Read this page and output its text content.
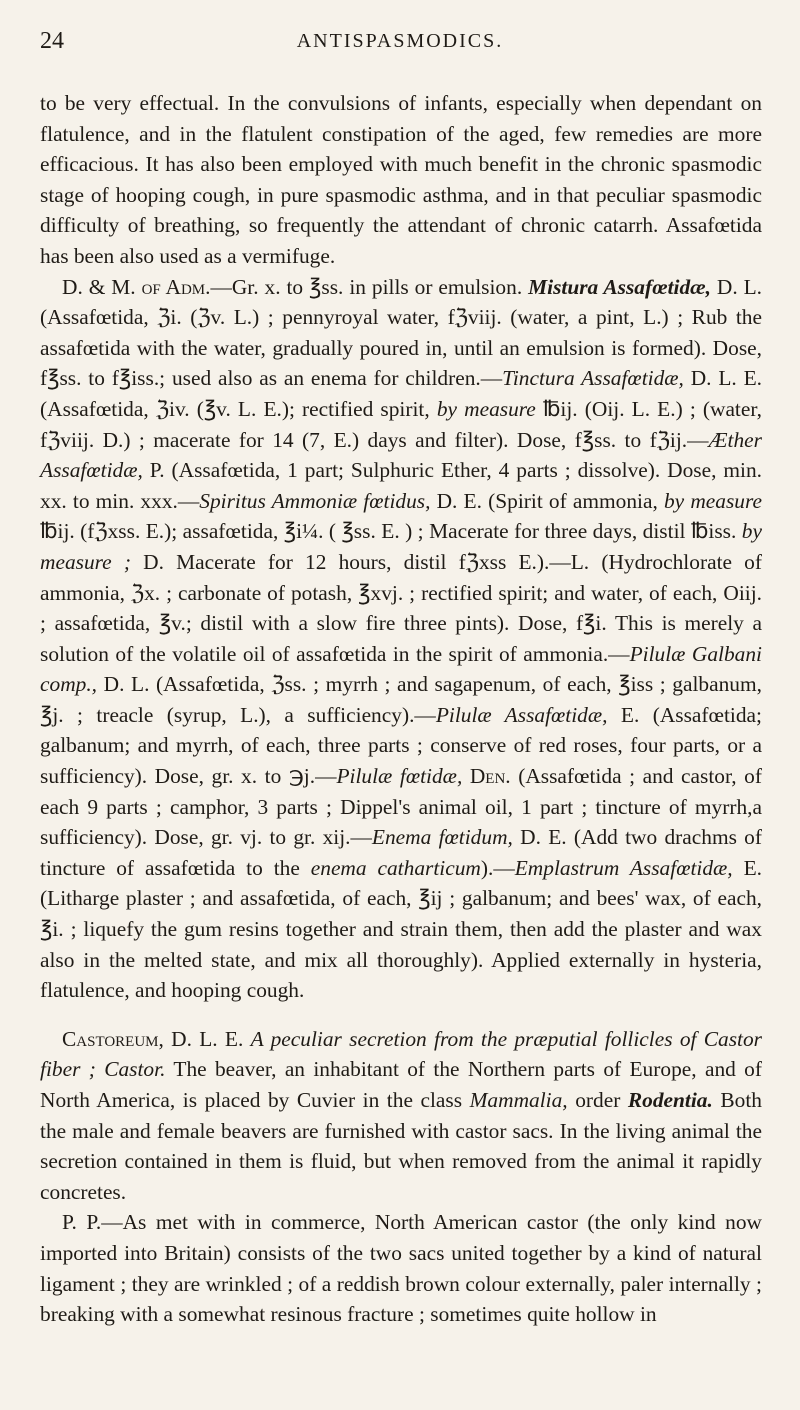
24	ANTISPASMODICS.

to be very effectual. In the convulsions of infants, especially when dependant on flatulence, and in the flatulent constipation of the aged, few remedies are more efficacious. It has also been employed with much benefit in the chronic spasmodic stage of hooping cough, in pure spasmodic asthma, and in that peculiar spasmodic difficulty of breathing, so frequently the attendant of chronic catarrh. Assafœtida has been also used as a vermifuge.

D. & M. of Adm.—Gr. x. to ℥ss. in pills or emulsion. Mistura Assafœtidæ, D. L. (Assafœtida, ℨi. (ℨv. L.) ; pennyroyal water, fℨviij. (water, a pint, L.) ; Rub the assafœtida with the water, gradually poured in, until an emulsion is formed). Dose, f℥ss. to f℥iss.; used also as an enema for children.—Tinctura Assafœtidæ, D. L. E. (Assafœtida, ℨiv. (℥v. L. E.); rectified spirit, by measure ℔ij. (Oij. L. E.) ; (water, fℨviij. D.) ; macerate for 14 (7, E.) days and filter). Dose, f℥ss. to fℨij.—Æther Assafœtidæ, P. (Assafœtida, 1 part; Sulphuric Ether, 4 parts ; dissolve). Dose, min. xx. to min. xxx.—Spiritus Ammoniæ fœtidus, D. E. (Spirit of ammonia, by measure ℔ij. (fℨxss. E.); assafœtida, ℥i¼. ( ℥ss. E. ) ; Macerate for three days, distil ℔iss. by measure ; D. Macerate for 12 hours, distil fℨxss E.).—L. (Hydrochlorate of ammonia, ℨx. ; carbonate of potash, ℥xvj. ; rectified spirit; and water, of each, Oiij. ; assafœtida, ℥v.; distil with a slow fire three pints). Dose, f℥i. This is merely a solution of the volatile oil of assafœtida in the spirit of ammonia.—Pilulæ Galbani comp., D. L. (Assafœtida, ℨss. ; myrrh ; and sagapenum, of each, ℥iss ; galbanum, ℥j. ; treacle (syrup, L.), a sufficiency).—Pilulæ Assafœtidæ, E. (Assafœtida; galbanum; and myrrh, of each, three parts ; conserve of red roses, four parts, or a sufficiency). Dose, gr. x. to ℈j.—Pilulæ fœtidæ, Den. (Assafœtida ; and castor, of each 9 parts ; camphor, 3 parts ; Dippel's animal oil, 1 part ; tincture of myrrh,a sufficiency). Dose, gr. vj. to gr. xij.—Enema fœtidum, D. E. (Add two drachms of tincture of assafœtida to the enema catharticum).—Emplastrum Assafœtidæ, E. (Litharge plaster ; and assafœtida, of each, ℥ij ; galbanum; and bees' wax, of each, ℥i. ; liquefy the gum resins together and strain them, then add the plaster and wax also in the melted state, and mix all thoroughly). Applied externally in hysteria, flatulence, and hooping cough.

Castoreum, D. L. E. A peculiar secretion from the præputial follicles of Castor fiber ; Castor. The beaver, an inhabitant of the Northern parts of Europe, and of North America, is placed by Cuvier in the class Mammalia, order Rodentia. Both the male and female beavers are furnished with castor sacs. In the living animal the secretion contained in them is fluid, but when removed from the animal it rapidly concretes.

P. P.—As met with in commerce, North American castor (the only kind now imported into Britain) consists of the two sacs united together by a kind of natural ligament ; they are wrinkled ; of a reddish brown colour externally, paler internally ; breaking with a somewhat resinous fracture ; sometimes quite hollow in
